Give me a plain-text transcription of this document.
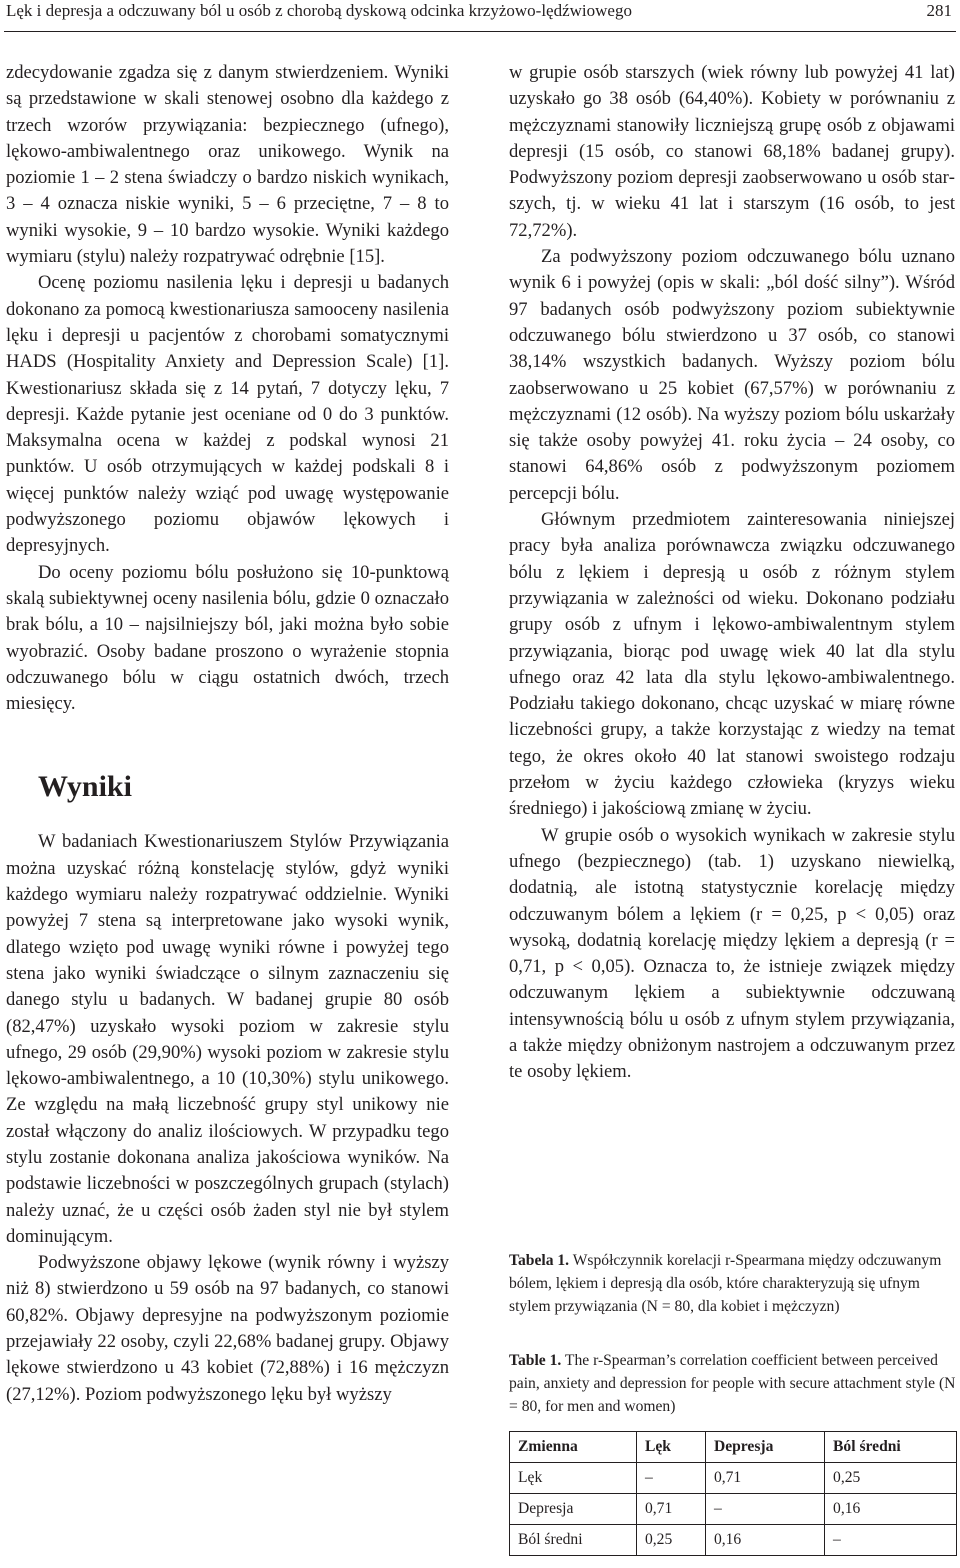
Lęk i depresja a odczuwany ból u osób z chorobą dyskową odcinka krzyżowo-lędźwiowego	281

zdecydowanie zgadza się z danym stwierdzeniem. Wyniki są przedstawione w skali stenowej osobno dla każdego z trzech wzorów przywiązania: bezpiecznego (ufnego), lękowo-ambiwalentnego oraz unikowego. Wynik na poziomie 1 – 2 stena świadczy o bardzo niskich wynikach, 3 – 4 oznacza niskie wyniki, 5 – 6 przeciętne, 7 – 8 to wyniki wysokie, 9 – 10 bardzo wysokie. Wyniki każdego wymiaru (stylu) należy rozpatrywać odrębnie [15].

Ocenę poziomu nasilenia lęku i depresji u badanych dokonano za pomocą kwestionariusza samooceny nasilenia lęku i depresji u pacjentów z chorobami somatycznymi HADS (Hospitality Anxiety and Depression Scale) [1]. Kwestionariusz składa się z 14 pytań, 7 dotyczy lęku, 7 depresji. Każde pytanie jest oceniane od 0 do 3 punktów. Maksymalna ocena w każdej z podskal wynosi 21 punktów. U osób otrzymujących w każdej podskali 8 i więcej punktów należy wziąć pod uwagę występowanie podwyższonego poziomu objawów lękowych i depresyjnych.

Do oceny poziomu bólu posłużono się 10-punktową skalą subiektywnej oceny nasilenia bólu, gdzie 0 oznaczało brak bólu, a 10 – najsilniejszy ból, jaki można było sobie wyobrazić. Osoby badane proszono o wyrażenie stopnia odczuwanego bólu w ciągu ostatnich dwóch, trzech miesięcy.

Wyniki

W badaniach Kwestionariuszem Stylów Przywiązania można uzyskać różną konstelację stylów, gdyż wyniki każdego wymiaru należy rozpatrywać oddzielnie. Wyniki powyżej 7 stena są interpretowane jako wysoki wynik, dlatego wzięto pod uwagę wyniki równe i powyżej tego stena jako wyniki świadczące o silnym zaznaczeniu się danego stylu u badanych. W badanej grupie 80 osób (82,47%) uzyskało wysoki poziom w zakresie stylu ufnego, 29 osób (29,90%) wysoki poziom w zakresie stylu lękowo-ambiwalentnego, a 10 (10,30%) stylu unikowego. Ze względu na małą liczebność grupy styl unikowy nie został włączony do analiz ilościowych. W przypadku tego stylu zostanie dokonana analiza jakościowa wyników. Na podstawie liczebności w poszczególnych grupach (stylach) należy uznać, że u części osób żaden styl nie był stylem dominującym.

Podwyższone objawy lękowe (wynik równy i wyższy niż 8) stwierdzono u 59 osób na 97 badanych, co stanowi 60,82%. Objawy depresyjne na podwyższonym poziomie przejawiały 22 osoby, czyli 22,68% badanej grupy. Objawy lękowe stwierdzono u 43 kobiet (72,88%) i 16 mężczyzn (27,12%). Poziom podwyższonego lęku był wyższy

w grupie osób starszych (wiek równy lub powyżej 41 lat) uzyskało go 38 osób (64,40%). Kobiety w porównaniu z mężczyznami stanowiły liczniejszą grupę osób z objawami depresji (15 osób, co stanowi 68,18% badanej grupy). Podwyższony poziom depresji zaobserwowano u osób starszych, tj. w wieku 41 lat i starszym (16 osób, to jest 72,72%).

Za podwyższony poziom odczuwanego bólu uznano wynik 6 i powyżej (opis w skali: „ból dość silny”). Wśród 97 badanych osób podwyższony poziom subiektywnie odczuwanego bólu stwierdzono u 37 osób, co stanowi 38,14% wszystkich badanych. Wyższy poziom bólu zaobserwowano u 25 kobiet (67,57%) w porównaniu z mężczyznami (12 osób). Na wyższy poziom bólu uskarżały się także osoby powyżej 41. roku życia – 24 osoby, co stanowi 64,86% osób z podwyższonym poziomem percepcji bólu.

Głównym przedmiotem zainteresowania niniejszej pracy była analiza porównawcza związku odczuwanego bólu z lękiem i depresją u osób z różnym stylem przywiązania w zależności od wieku. Dokonano podziału grupy osób z ufnym i lękowo-ambiwalentnym stylem przywiązania, biorąc pod uwagę wiek 40 lat dla stylu ufnego oraz 42 lata dla stylu lękowo-ambiwalentnego. Podziału takiego dokonano, chcąc uzyskać w miarę równe liczebności grupy, a także korzystając z wiedzy na temat tego, że okres około 40 lat stanowi swoistego rodzaju przełom w życiu każdego człowieka (kryzys wieku średniego) i jakościową zmianę w życiu.

W grupie osób o wysokich wynikach w zakresie stylu ufnego (bezpiecznego) (tab. 1) uzyskano niewielką, dodatnią, ale istotną statystycznie korelację między odczuwanym bólem a lękiem (r = 0,25, p < 0,05) oraz wysoką, dodatnią korelację między lękiem a depresją (r = 0,71, p < 0,05). Oznacza to, że istnieje związek między odczuwanym lękiem a subiektywnie odczuwaną intensywnością bólu u osób z ufnym stylem przywiązania, a także między obniżonym nastrojem a odczuwanym przez te osoby lękiem.

Tabela 1. Współczynnik korelacji r-Spearmana między odczuwanym bólem, lękiem i depresją dla osób, które charakteryzują się ufnym stylem przywiązania (N = 80, dla kobiet i mężczyzn)
Table 1. The r-Spearman’s correlation coefficient between perceived pain, anxiety and depression for people with secure attachment style (N = 80, for men and women)
Zmienna	Lęk	Depresja	Ból średni
Lęk	–	0,71	0,25
Depresja	0,71	–	0,16
Ból średni	0,25	0,16	–
